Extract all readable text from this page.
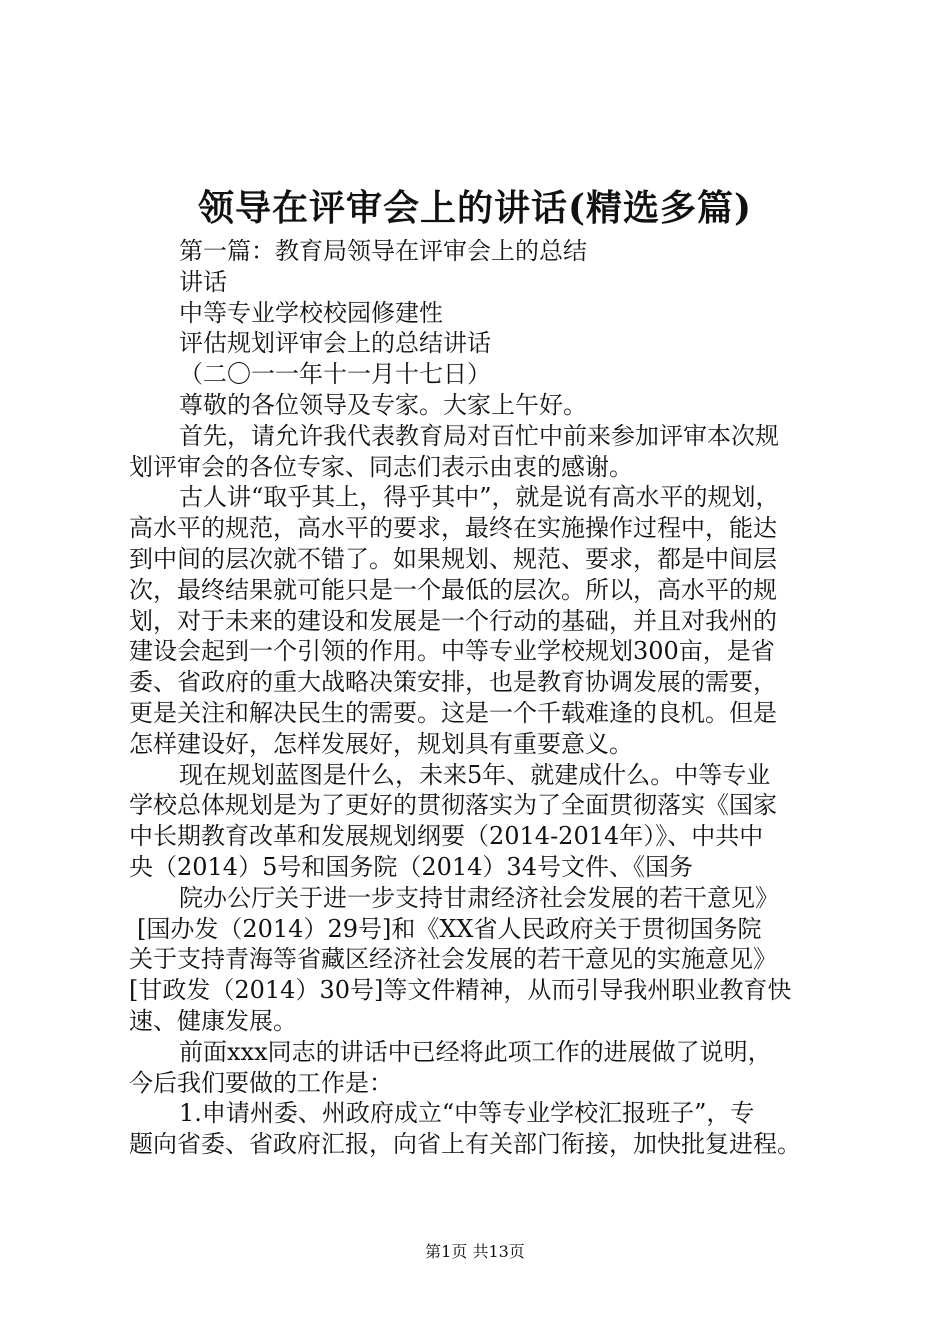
领导在评审会上的讲话(精选多篇)
第一篇：教育局领导在评审会上的总结
讲话
中等专业学校校园修建性
评估规划评审会上的总结讲话
（二〇一一年十一月十七日）
尊敬的各位领导及专家。大家上午好。
首先，请允许我代表教育局对百忙中前来参加评审本次规
划评审会的各位专家、同志们表示由衷的感谢。
古人讲“取乎其上，得乎其中”，就是说有高水平的规划，
高水平的规范，高水平的要求，最终在实施操作过程中，能达
到中间的层次就不错了。如果规划、规范、要求，都是中间层
次，最终结果就可能只是一个最低的层次。所以，高水平的规
划，对于未来的建设和发展是一个行动的基础，并且对我州的
建设会起到一个引领的作用。中等专业学校规划300亩，是省
委、省政府的重大战略决策安排，也是教育协调发展的需要，
更是关注和解决民生的需要。这是一个千载难逢的良机。但是
怎样建设好，怎样发展好，规划具有重要意义。
现在规划蓝图是什么，未来5年、就建成什么。中等专业
学校总体规划是为了更好的贯彻落实为了全面贯彻落实《国家
中长期教育改革和发展规划纲要（2014-2014年）》、中共中
央（2014）5号和国务院（2014）34号文件、《国务
院办公厅关于进一步支持甘肃经济社会发展的若干意见》
[国办发（2014）29号]和《XX省人民政府关于贯彻国务院
关于支持青海等省藏区经济社会发展的若干意见的实施意见》
[甘政发（2014）30号]等文件精神，从而引导我州职业教育快
速、健康发展。
前面xxx同志的讲话中已经将此项工作的进展做了说明，
今后我们要做的工作是：
1.申请州委、州政府成立“中等专业学校汇报班子”，专
题向省委、省政府汇报，向省上有关部门衔接，加快批复进程。
第1页 共13页
